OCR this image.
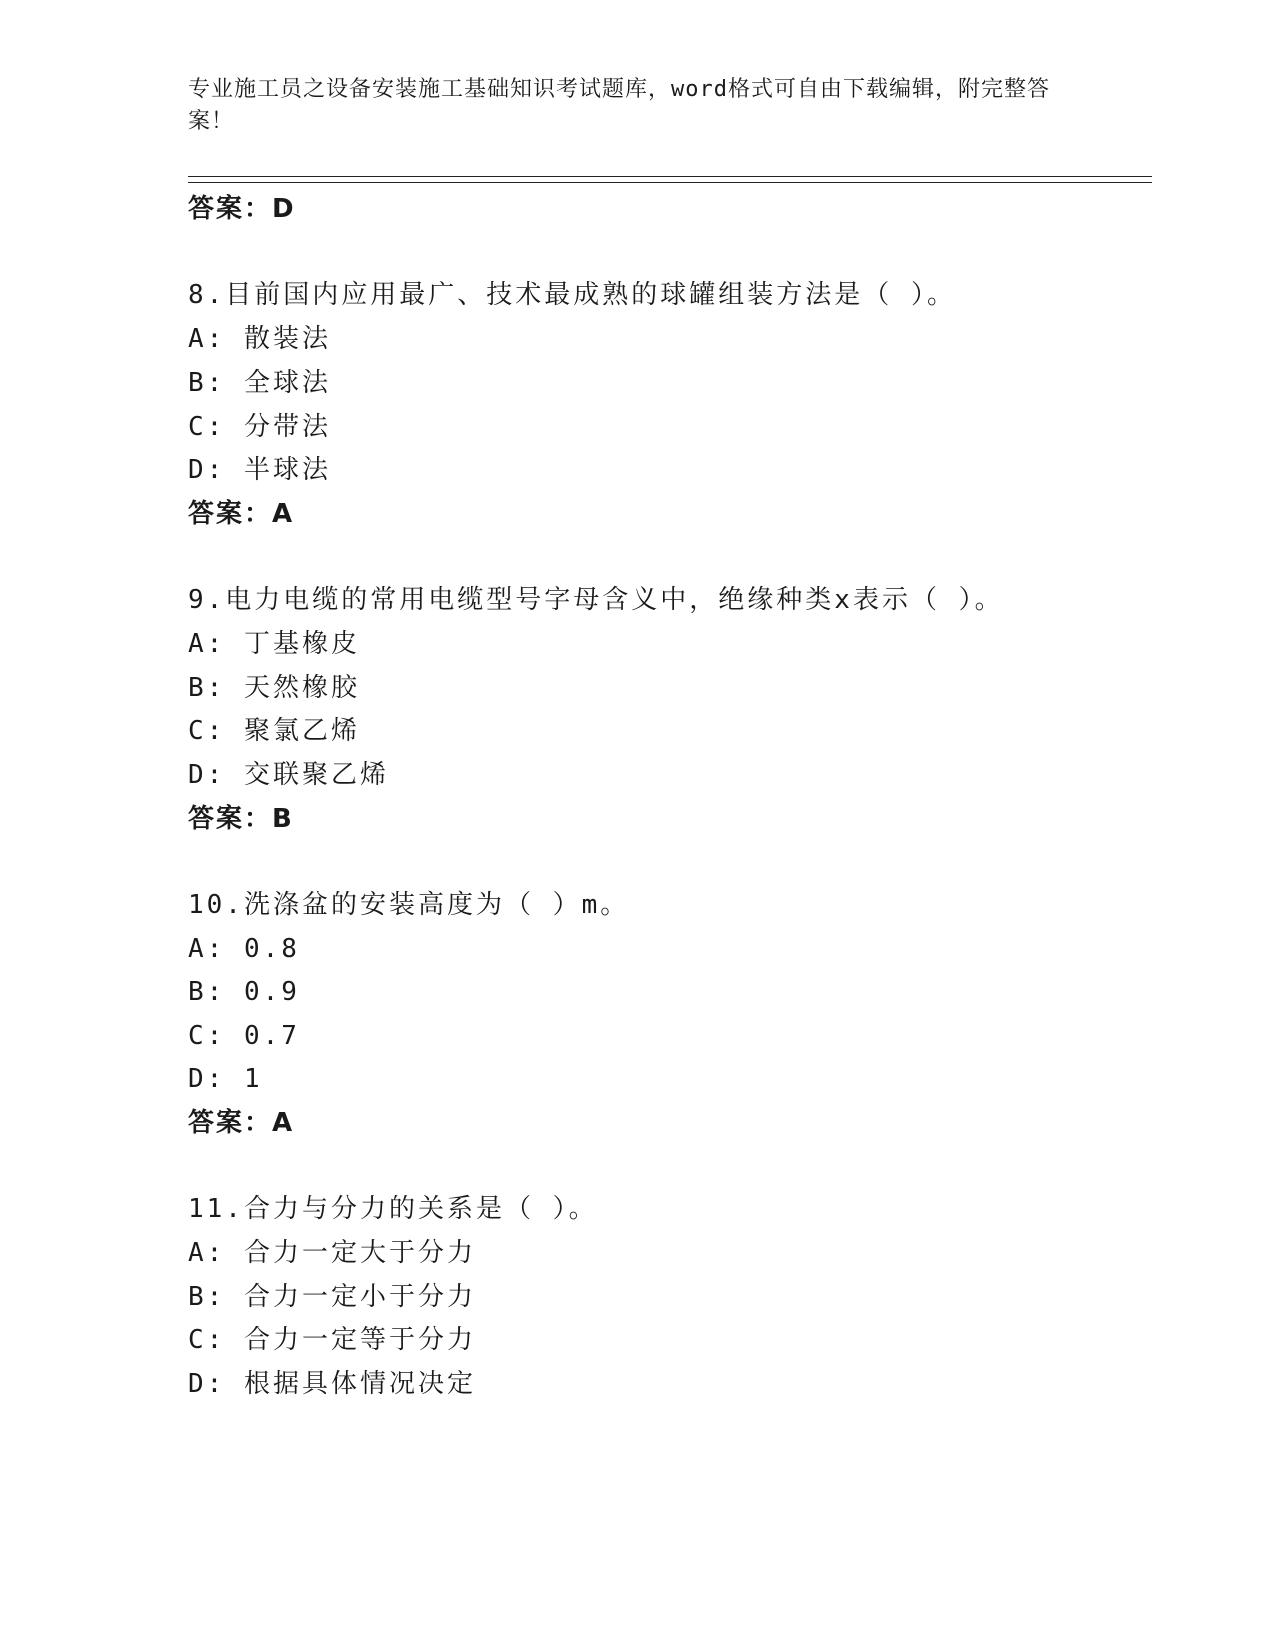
专业施工员之设备安装施工基础知识考试题库，word格式可自由下载编辑，附完整答案！
答案：D
8.目前国内应用最广、技术最成熟的球罐组装方法是（ ）。
A: 散装法
B: 全球法
C: 分带法
D: 半球法
答案：A
9.电力电缆的常用电缆型号字母含义中，绝缘种类x表示（ ）。
A: 丁基橡皮
B: 天然橡胶
C: 聚氯乙烯
D: 交联聚乙烯
答案：B
10.洗涤盆的安装高度为（ ）m。
A: 0.8
B: 0.9
C: 0.7
D: 1
答案：A
11.合力与分力的关系是（ ）。
A: 合力一定大于分力
B: 合力一定小于分力
C: 合力一定等于分力
D: 根据具体情况决定
